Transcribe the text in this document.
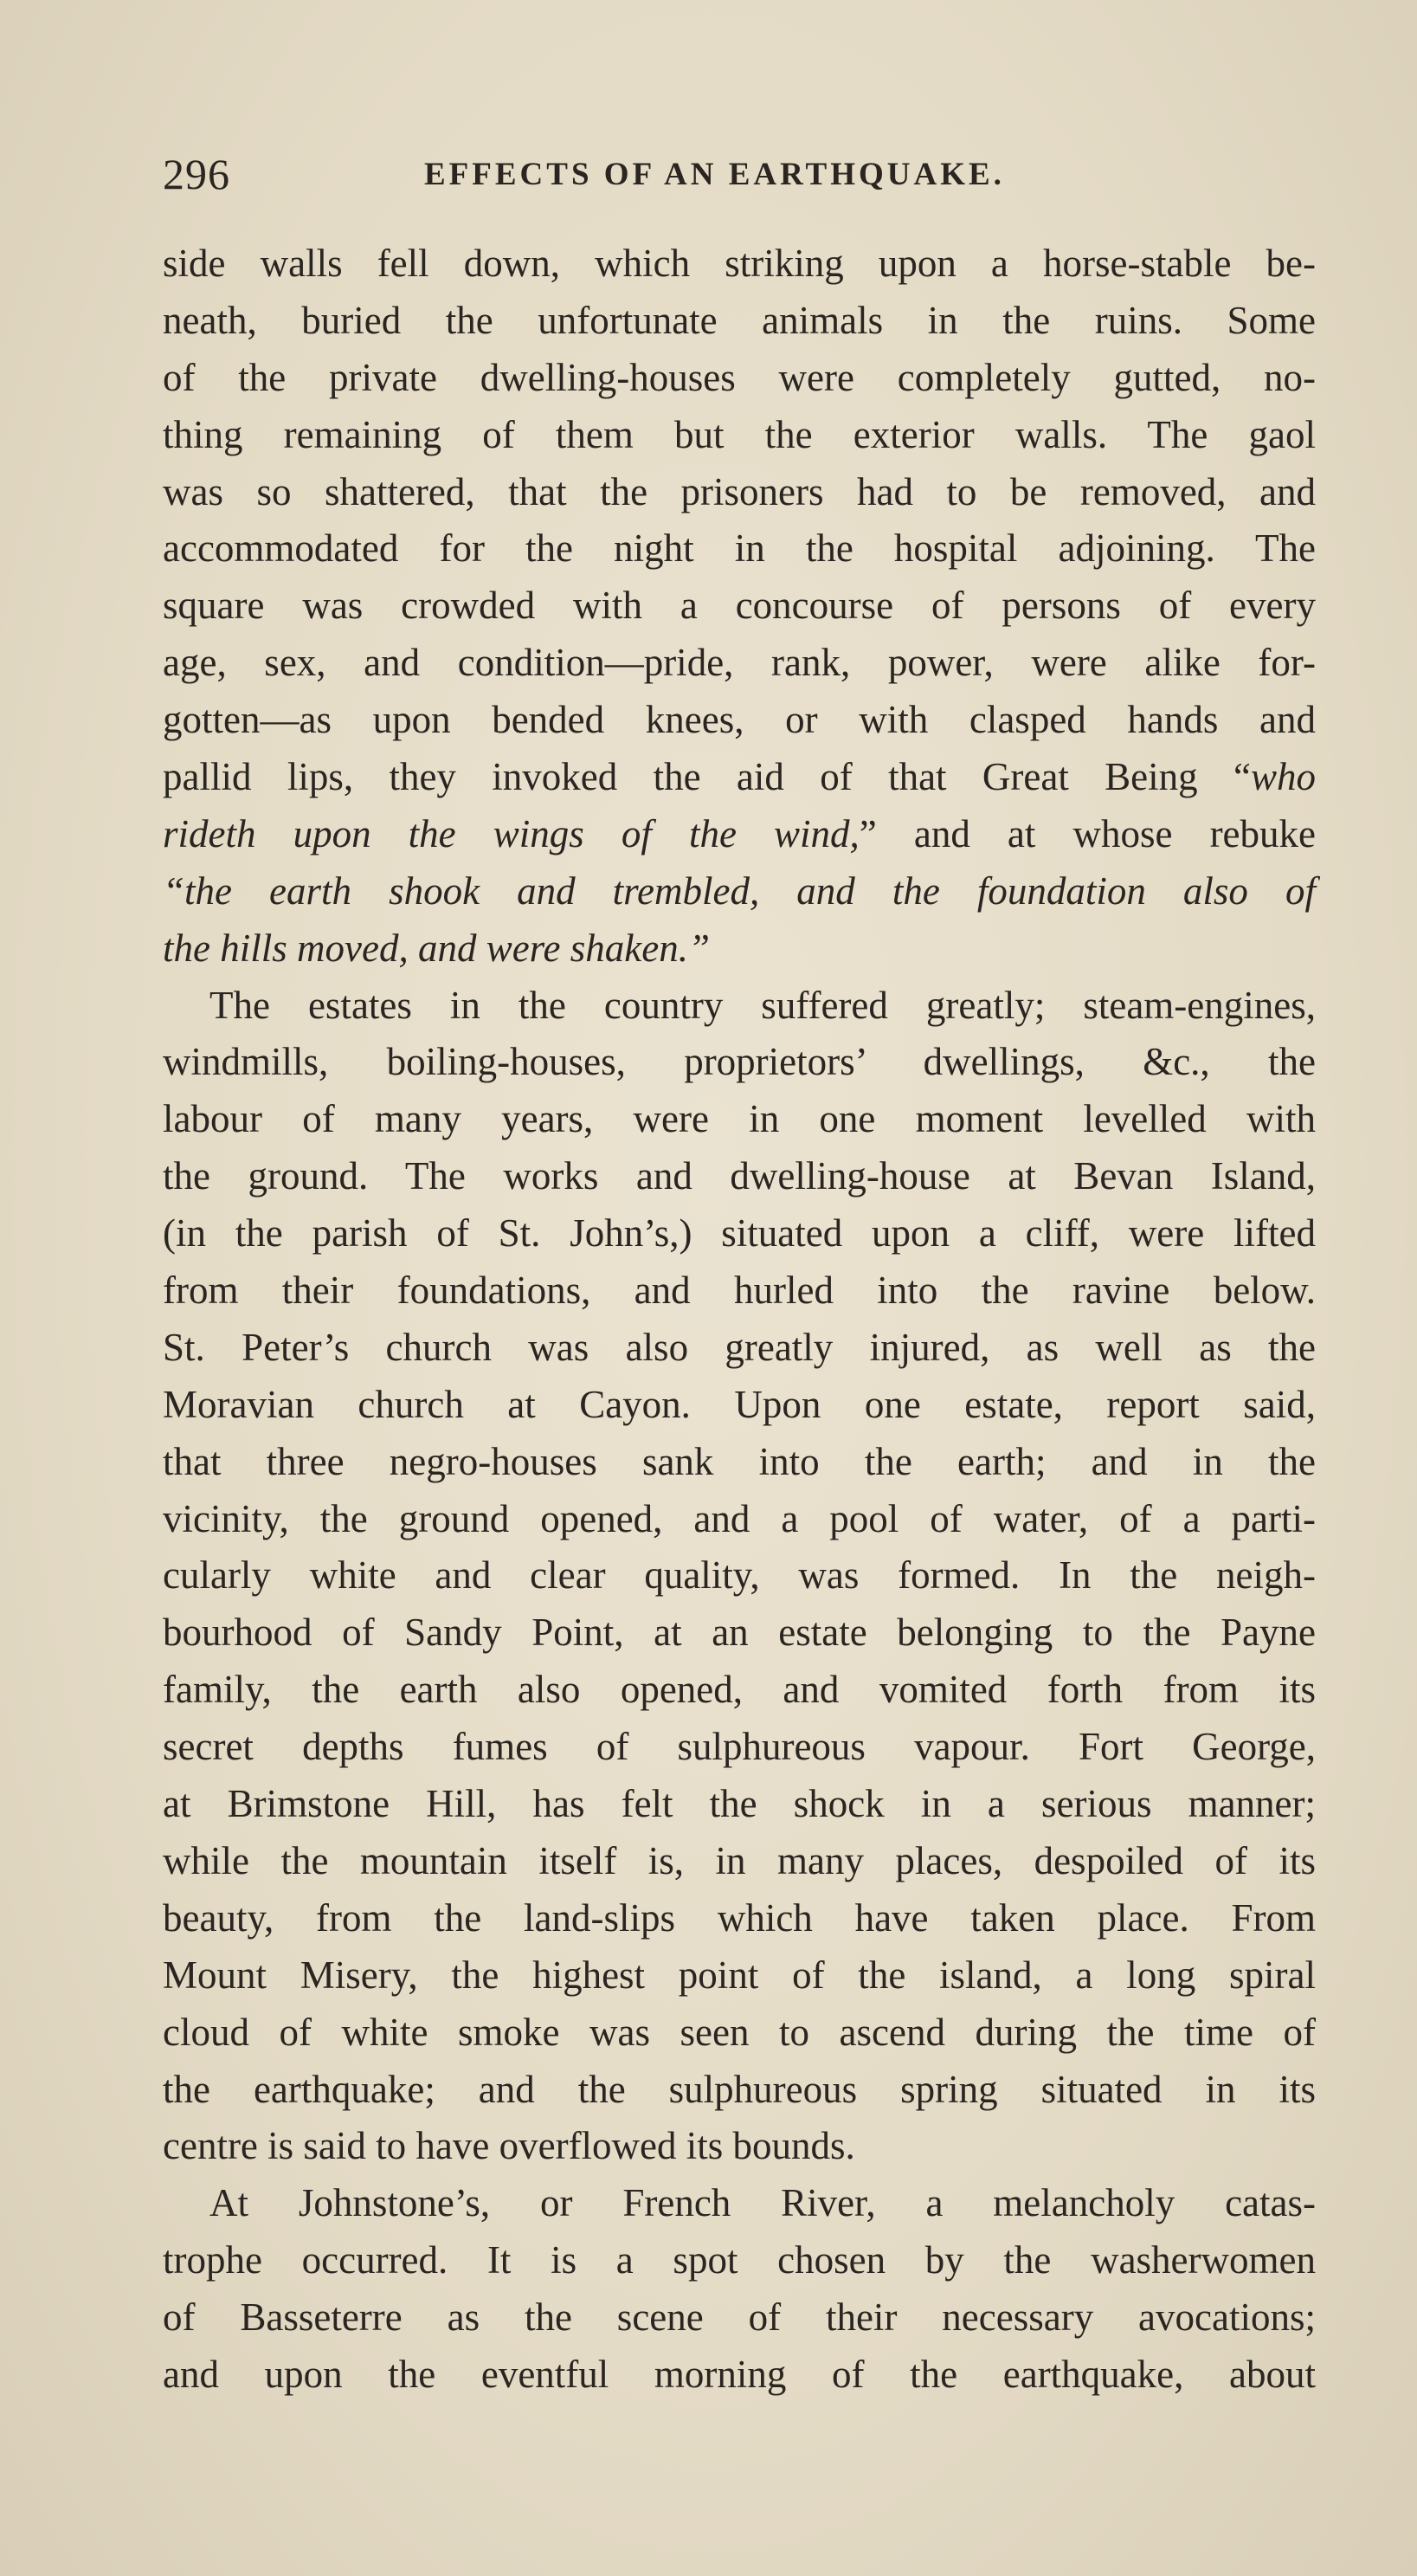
296	EFFECTS OF AN EARTHQUAKE.
side walls fell down, which striking upon a horse-stable be-
neath, buried the unfortunate animals in the ruins. Some
of the private dwelling-houses were completely gutted, no-
thing remaining of them but the exterior walls. The gaol
was so shattered, that the prisoners had to be removed, and
accommodated for the night in the hospital adjoining. The
square was crowded with a concourse of persons of every
age, sex, and condition—pride, rank, power, were alike for-
gotten—as upon bended knees, or with clasped hands and
pallid lips, they invoked the aid of that Great Being “who
rideth upon the wings of the wind,” and at whose rebuke
“the earth shook and trembled, and the foundation also of
the hills moved, and were shaken.”
The estates in the country suffered greatly; steam-engines,
windmills, boiling-houses, proprietors’ dwellings, &c., the
labour of many years, were in one moment levelled with
the ground. The works and dwelling-house at Bevan Island,
(in the parish of St. John’s,) situated upon a cliff, were lifted
from their foundations, and hurled into the ravine below.
St. Peter’s church was also greatly injured, as well as the
Moravian church at Cayon. Upon one estate, report said,
that three negro-houses sank into the earth; and in the
vicinity, the ground opened, and a pool of water, of a parti-
cularly white and clear quality, was formed. In the neigh-
bourhood of Sandy Point, at an estate belonging to the Payne
family, the earth also opened, and vomited forth from its
secret depths fumes of sulphureous vapour. Fort George,
at Brimstone Hill, has felt the shock in a serious manner;
while the mountain itself is, in many places, despoiled of its
beauty, from the land-slips which have taken place. From
Mount Misery, the highest point of the island, a long spiral
cloud of white smoke was seen to ascend during the time of
the earthquake; and the sulphureous spring situated in its
centre is said to have overflowed its bounds.
At Johnstone’s, or French River, a melancholy catas-
trophe occurred. It is a spot chosen by the washerwomen
of Basseterre as the scene of their necessary avocations;
and upon the eventful morning of the earthquake, about
